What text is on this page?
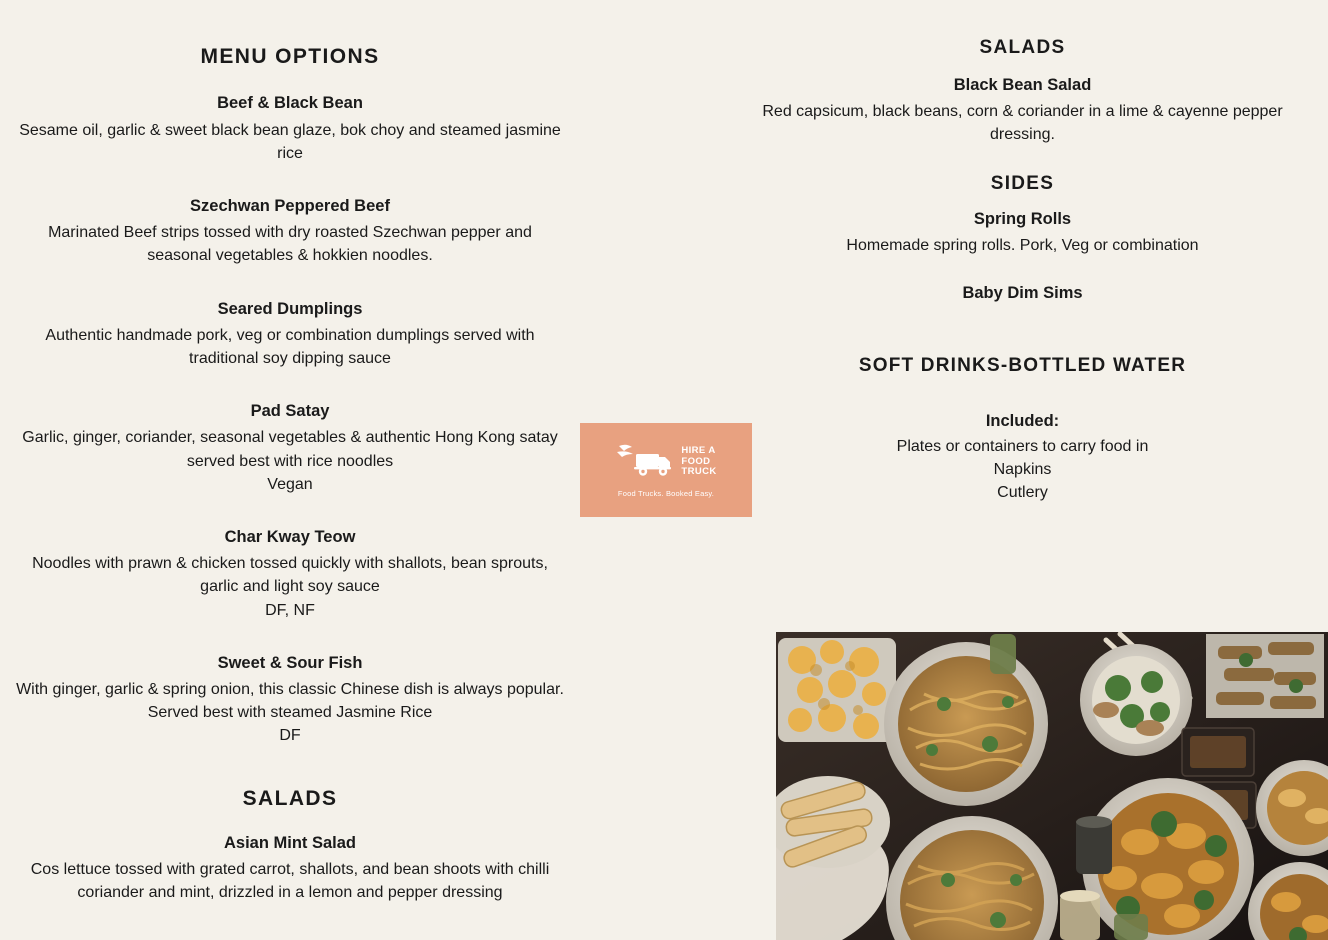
MENU OPTIONS

Beef & Black Bean

Sesame oil, garlic & sweet black bean glaze, bok choy and steamed jasmine rice

Szechwan Peppered Beef

Marinated Beef strips tossed with dry roasted Szechwan pepper and seasonal vegetables & hokkien noodles.

Seared Dumplings

Authentic handmade pork, veg or combination dumplings served with traditional soy dipping sauce

Pad Satay

Garlic, ginger, coriander, seasonal vegetables & authentic Hong Kong satay served best with rice noodles

Vegan

Char Kway Teow

Noodles with prawn & chicken tossed quickly with shallots, bean sprouts, garlic and light soy sauce

DF, NF

Sweet & Sour Fish

With ginger, garlic & spring onion, this classic Chinese dish is always popular. Served best with steamed Jasmine Rice

DF

SALADS

Asian Mint Salad

Cos lettuce tossed with grated carrot, shallots, and bean shoots with chilli coriander and mint, drizzled in a lemon and pepper dressing

SALADS

Black Bean Salad

Red capsicum, black beans, corn & coriander in a lime & cayenne pepper dressing.

SIDES

Spring Rolls

Homemade spring rolls. Pork, Veg or combination

Baby Dim Sims

SOFT DRINKS-BOTTLED WATER

Included:

Plates or containers to carry food in

Napkins

Cutlery

HIRE A
FOOD
TRUCK
Food Trucks. Booked Easy.
